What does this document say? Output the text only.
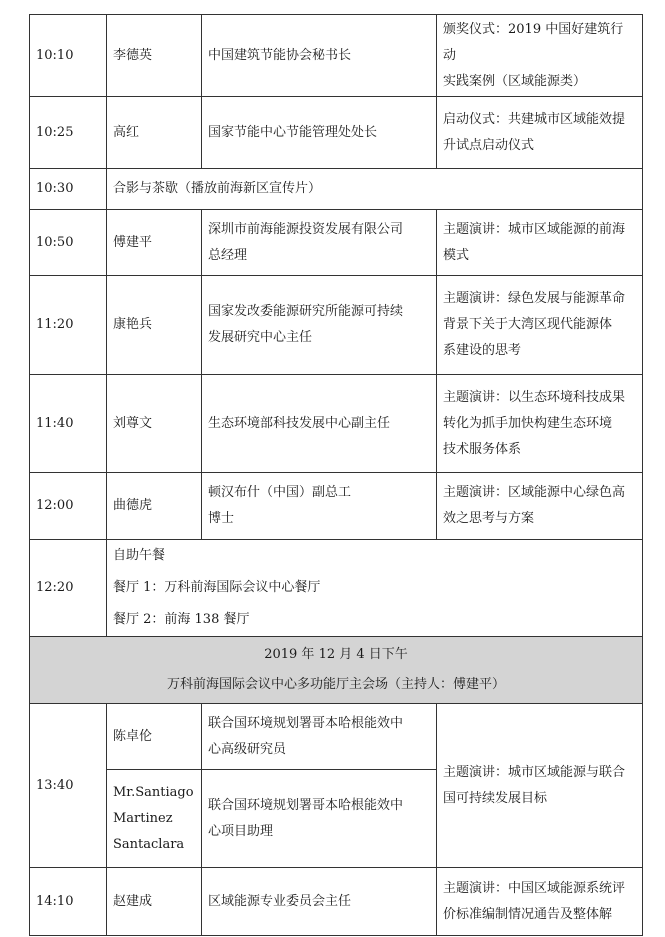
10:10	李德英	中国建筑节能协会秘书长	颁奖仪式：2019 中国好建筑行动
实践案例（区域能源类）

10:25	高红	国家节能中心节能管理处处长	启动仪式：共建城市区域能效提
升试点启动仪式

10:30	合影与茶歇（播放前海新区宣传片）		
10:50	傅建平	深圳市前海能源投资发展有限公司
总经理	主题演讲：城市区域能源的前海
模式

11:20	康艳兵	国家发改委能源研究所能源可持续
发展研究中心主任	主题演讲：绿色发展与能源革命
背景下关于大湾区现代能源体
系建设的思考

11:40	刘尊文	生态环境部科技发展中心副主任	主题演讲：以生态环境科技成果
转化为抓手加快构建生态环境
技术服务体系

12:00	曲德虎	顿汉布什（中国）副总工
博士	主题演讲：区域能源中心绿色高
效之思考与方案

12:20	自助午餐
餐厅 1：万科前海国际会议中心餐厅
餐厅 2：前海 138 餐厅		

2019 年 12 月 4 日下午
万科前海国际会议中心多功能厅主会场（主持人：傅建平）			

13:40	陈卓伦	联合国环境规划署哥本哈根能效中
心高级研究员	主题演讲：城市区域能源与联合
国可持续发展目标

	Mr.Santiago
Martinez
Santaclara	联合国环境规划署哥本哈根能效中
心项目助理	

14:10	赵建成	区域能源专业委员会主任	主题演讲：中国区域能源系统评
价标准编制情况通告及整体解
